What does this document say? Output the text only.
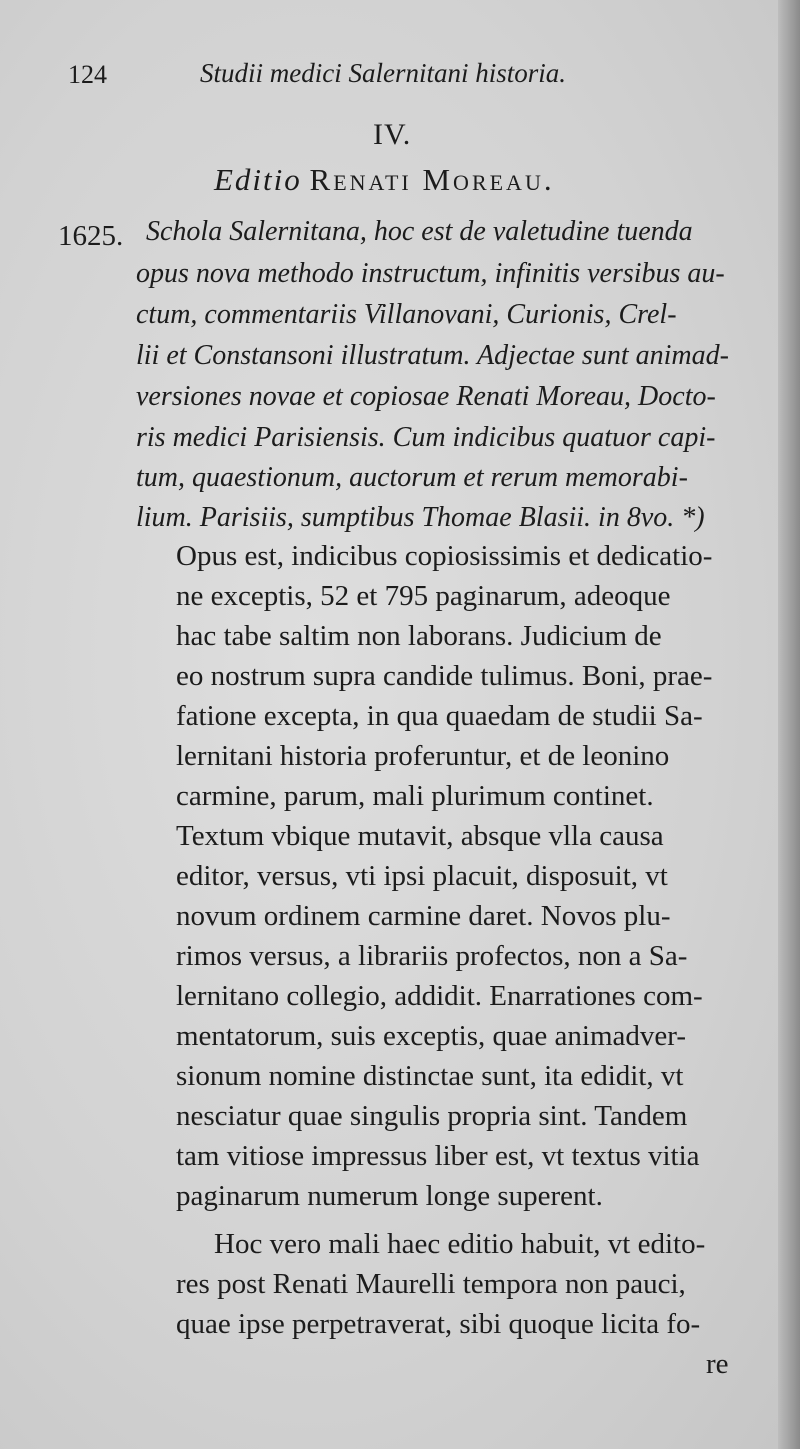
124	Studii medici Salernitani historia.
IV.
Editio Renati Moreau.
1625. Schola Salernitana, hoc est de valetudine tuenda
opus nova methodo instructum, infinitis versibus au-
ctum, commentariis Villanovani, Curionis, Crel-
lii et Constansoni illustratum. Adjectae sunt animad-
versiones novae et copiosae Renati Moreau, Docto-
ris medici Parisiensis. Cum indicibus quatuor capi-
tum, quaestionum, auctorum et rerum memorabi-
lium. Parisiis, sumptibus Thomae Blasii. in 8vo. *)
Opus est, indicibus copiosissimis et dedicatio-
ne exceptis, 52 et 795 paginarum, adeoque
hac tabe saltim non laborans. Judicium de
eo nostrum supra candide tulimus. Boni, prae-
fatione excepta, in qua quaedam de studii Sa-
lernitani historia proferuntur, et de leonino
carmine, parum, mali plurimum continet.
Textum vbique mutavit, absque vlla causa
editor, versus, vti ipsi placuit, disposuit, vt
novum ordinem carmine daret. Novos plu-
rimos versus, a librariis profectos, non a Sa-
lernitano collegio, addidit. Enarrationes com-
mentatorum, suis exceptis, quae animadver-
sionum nomine distinctae sunt, ita edidit, vt
nesciatur quae singulis propria sint. Tandem
tam vitiose impressus liber est, vt textus vitia
paginarum numerum longe superent.
Hoc vero mali haec editio habuit, vt edito-
res post Renati Maurelli tempora non pauci,
quae ipse perpetraverat, sibi quoque licita fo-
re
